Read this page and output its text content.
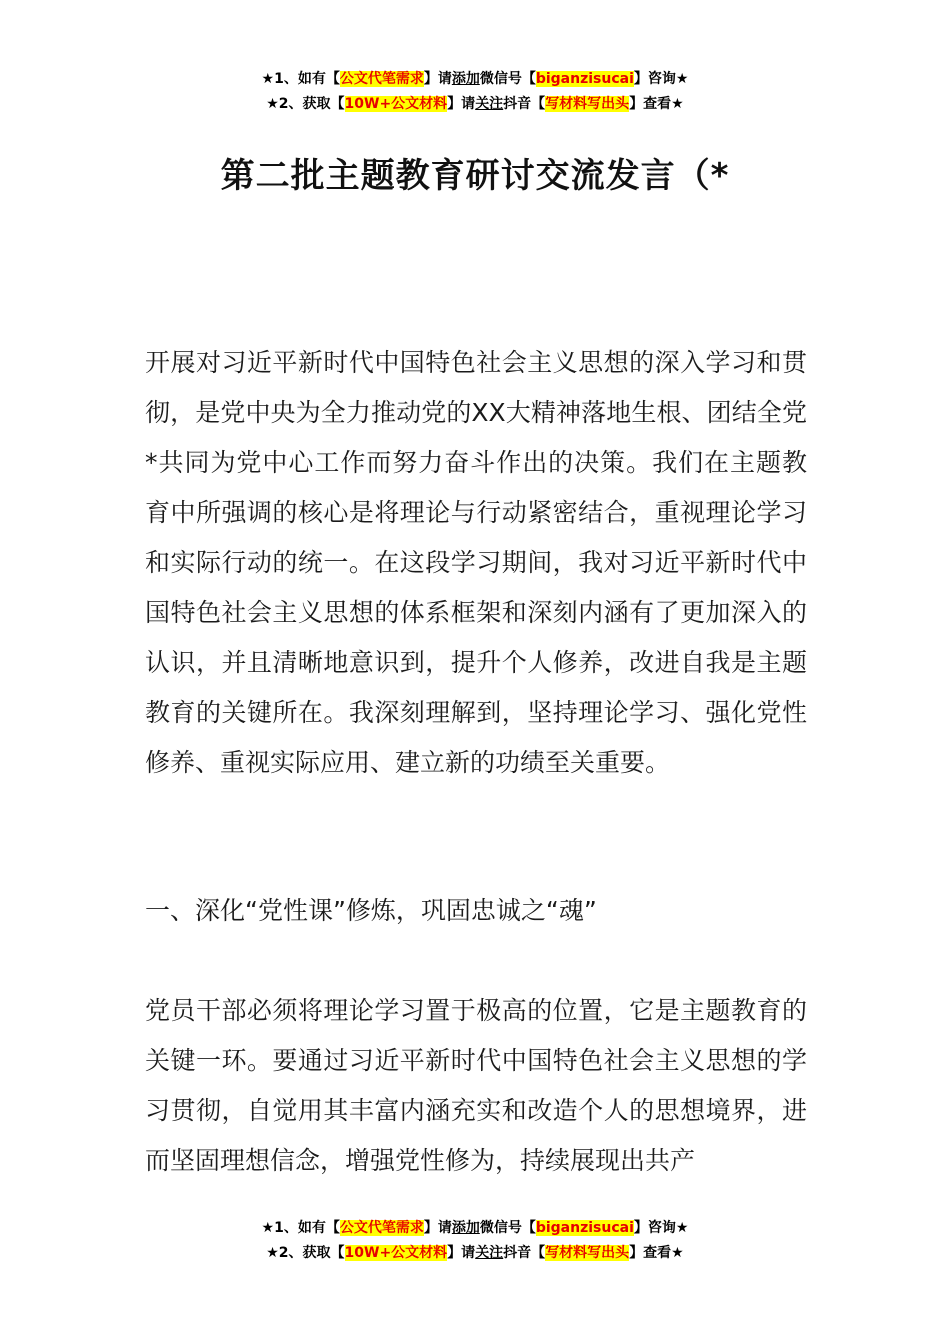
★1、如有【公文代笔需求】请添加微信号【biganzisucai】咨询★
★2、获取【10W+公文材料】请关注抖音【写材料写出头】查看★
第二批主题教育研讨交流发言（*

开展对习近平新时代中国特色社会主义思想的深入学习和贯彻，是党中央为全力推动党的XX大精神落地生根、团结全党*共同为党中心工作而努力奋斗作出的决策。我们在主题教育中所强调的核心是将理论与行动紧密结合，重视理论学习和实际行动的统一。在这段学习期间，我对习近平新时代中国特色社会主义思想的体系框架和深刻内涵有了更加深入的认识，并且清晰地意识到，提升个人修养，改进自我是主题教育的关键所在。我深刻理解到，坚持理论学习、强化党性修养、重视实际应用、建立新的功绩至关重要。

一、深化“党性课”修炼，巩固忠诚之“魂”

党员干部必须将理论学习置于极高的位置，它是主题教育的关键一环。要通过习近平新时代中国特色社会主义思想的学习贯彻，自觉用其丰富内涵充实和改造个人的思想境界，进而坚固理想信念，增强党性修为，持续展现出共产

★1、如有【公文代笔需求】请添加微信号【biganzisucai】咨询★
★2、获取【10W+公文材料】请关注抖音【写材料写出头】查看★
